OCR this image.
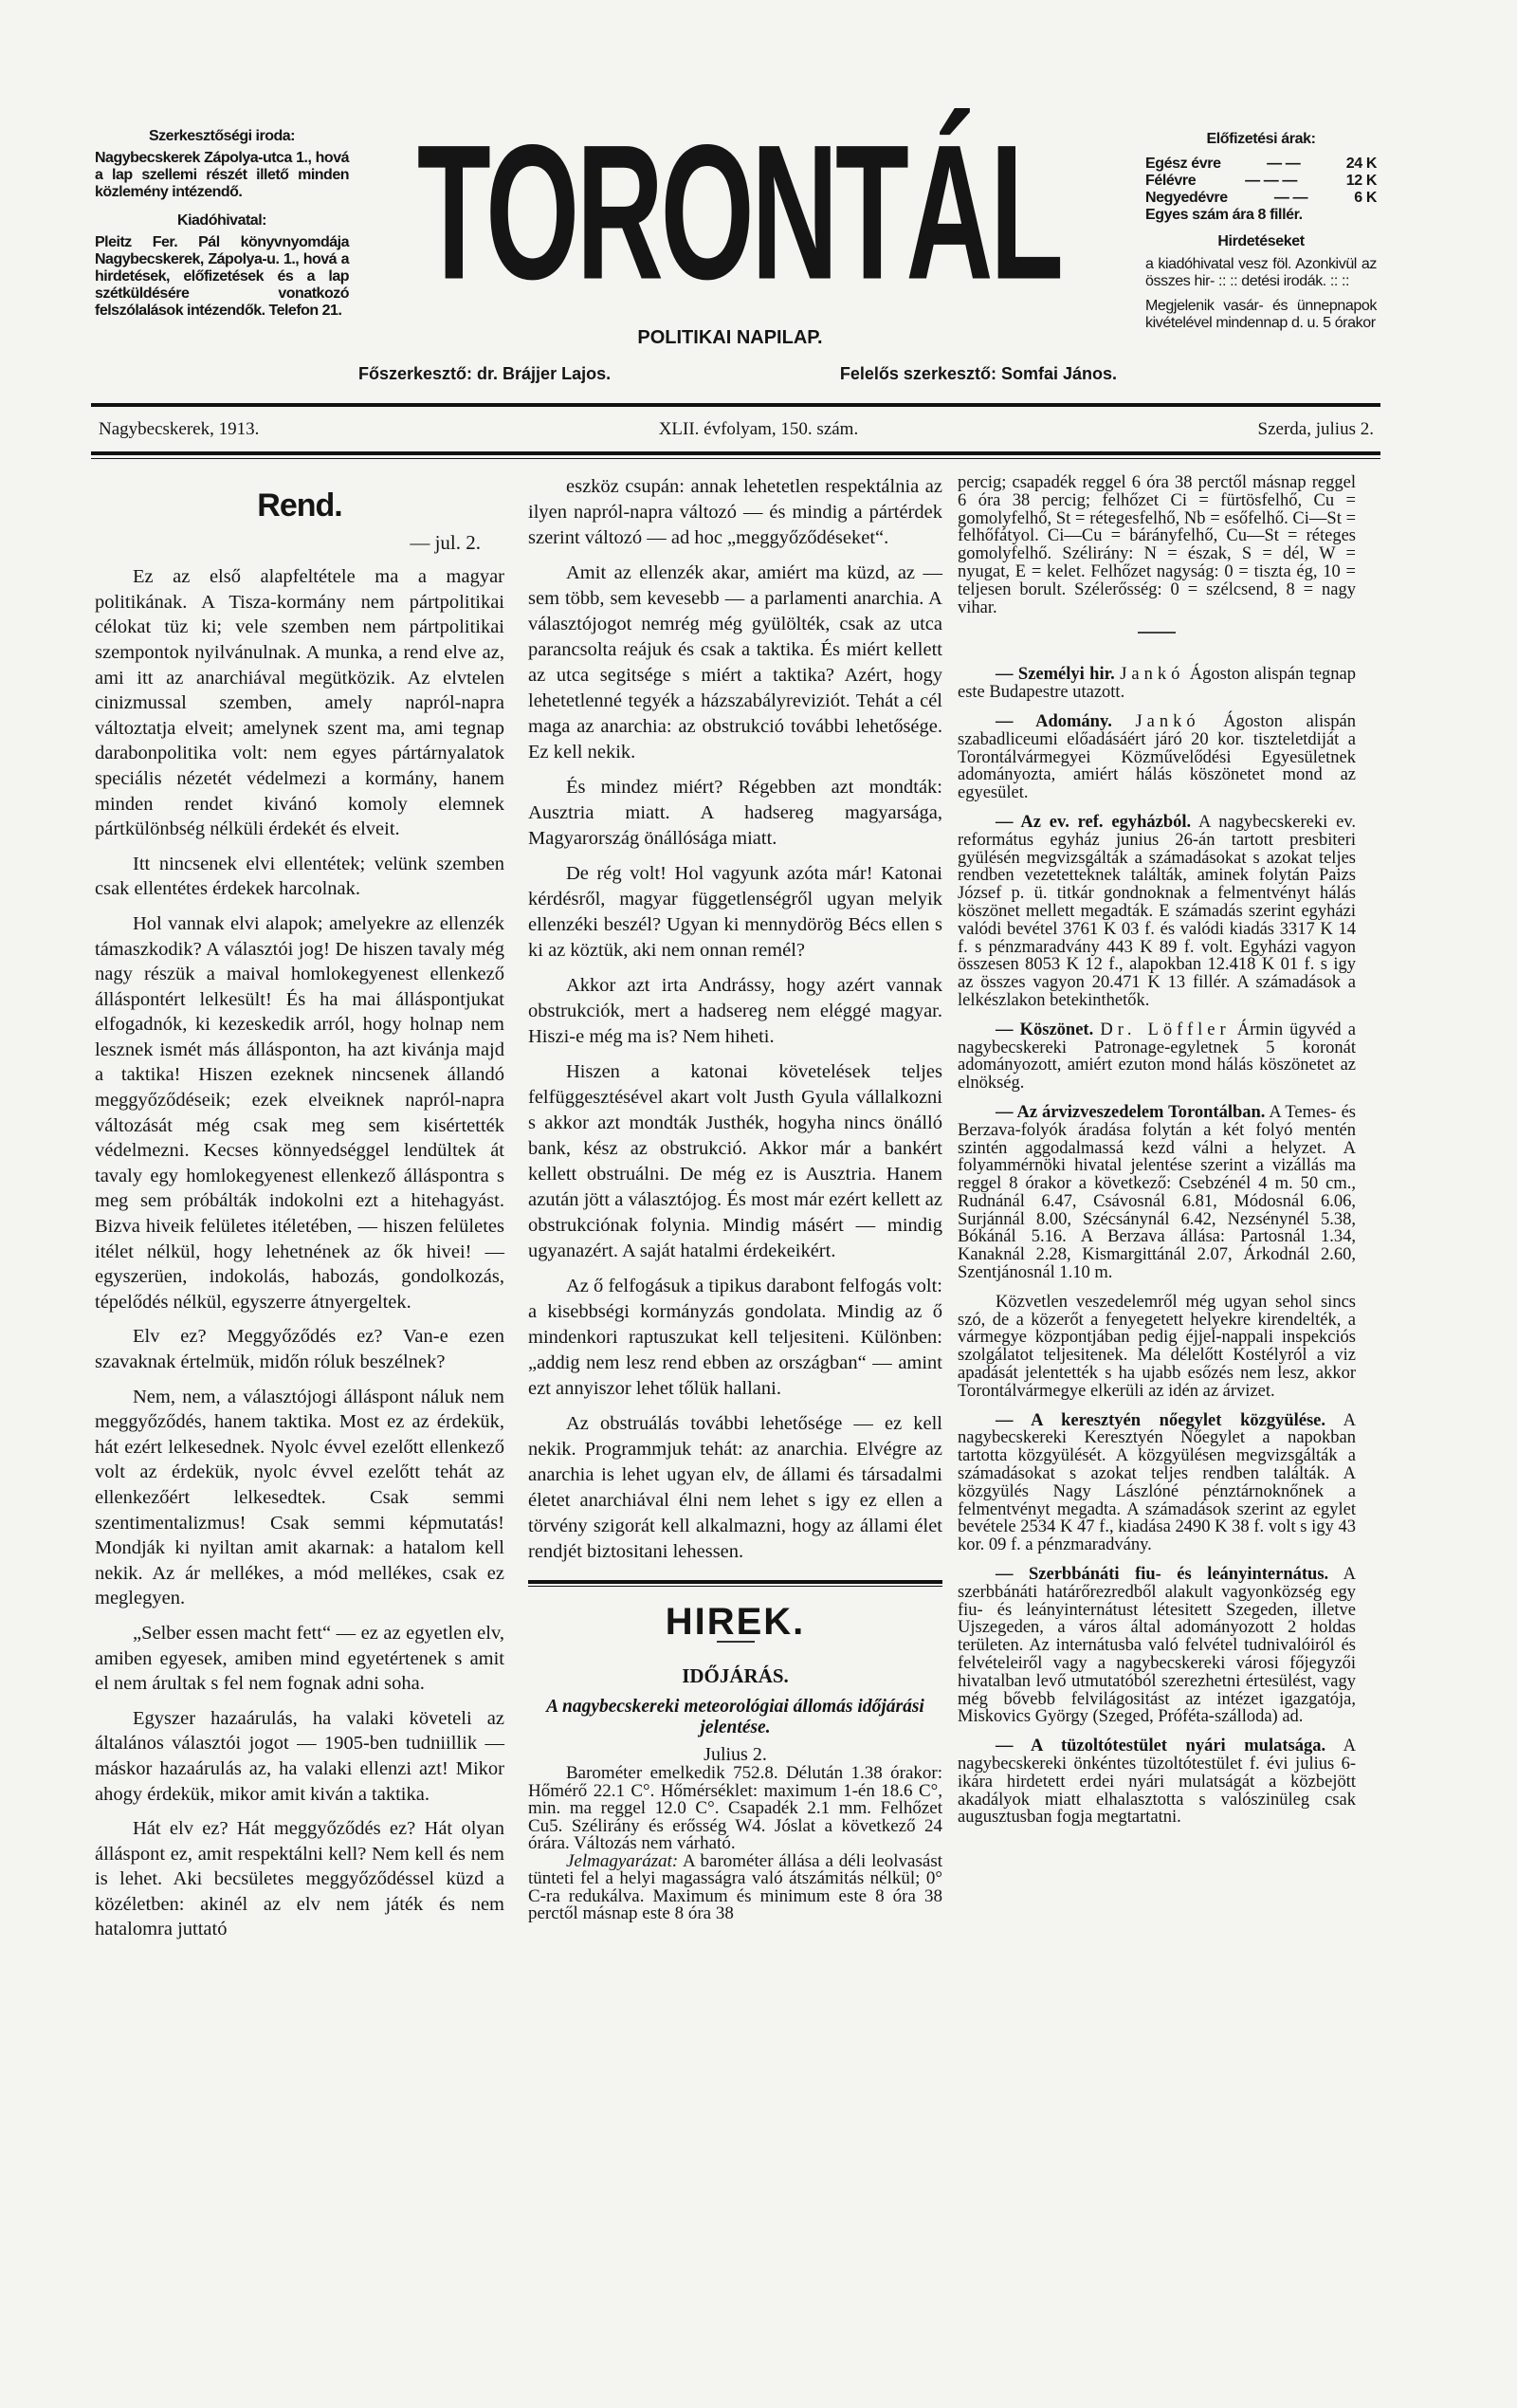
Szerkesztőségi iroda:

Nagybecskerek Zápolya-utca 1., hová a lap szellemi részét illető minden közlemény intézendő.

Kiadóhivatal:

Pleitz Fer. Pál könyvnyomdája Nagybecskerek, Zápolya-u. 1., hová a hirdetések, előfizetések és a lap szétküldésére vonatkozó felszólalások intézendők. Telefon 21. TORONTÁL
POLITIKAI NAPILAP.
Főszerkesztő: dr. Brájjer Lajos.	Felelős szerkesztő: Somfai János.
Előfizetési árak:
Egész évre	— —	24 K
Félévre	— — —	12 K
Negyedévre	— —	6 K
Egyes szám ára 8 fillér.
Hirdetéseket
a kiadóhivatal vesz föl. Azonkivül az összes hir- :: :: detési irodák. :: ::
Megjelenik vasár- és ünnepnapok kivételével mindennap d. u. 5 órakor
Nagybecskerek, 1913.	XLII. évfolyam, 150. szám.	Szerda, julius 2.
Rend.
— jul. 2.

Ez az első alapfeltétele ma a magyar politikának. A Tisza-kormány nem pártpolitikai célokat tüz ki; vele szemben nem pártpolitikai szempontok nyilvánulnak. A munka, a rend elve az, ami itt az anarchiával megütközik. Az elvtelen cinizmussal szemben, amely napról-napra változtatja elveit; amelynek szent ma, ami tegnap darabonpolitika volt: nem egyes pártárnyalatok speciális nézetét védelmezi a kormány, hanem minden rendet kivánó komoly elemnek pártkülönbség nélküli érdekét és elveit.

Itt nincsenek elvi ellentétek; velünk szemben csak ellentétes érdekek harcolnak.

Hol vannak elvi alapok; amelyekre az ellenzék támaszkodik? A választói jog! De hiszen tavaly még nagy részük a maival homlokegyenest ellenkező álláspontért lelkesült! És ha mai álláspontjukat elfogadnók, ki kezeskedik arról, hogy holnap nem lesznek ismét más állásponton, ha azt kivánja majd a taktika! Hiszen ezeknek nincsenek állandó meggyőződéseik; ezek elveiknek napról-napra változását még csak meg sem kisértették védelmezni. Kecses könnyedséggel lendültek át tavaly egy homlokegyenest ellenkező álláspontra s meg sem próbálták indokolni ezt a hitehagyást. Bizva hiveik felületes itéletében, — hiszen felületes itélet nélkül, hogy lehetnének az ők hivei! — egyszerüen, indokolás, habozás, gondolkozás, tépelődés nélkül, egyszerre átnyergeltek.

Elv ez? Meggyőződés ez? Van-e ezen szavaknak értelmük, midőn róluk beszélnek?

Nem, nem, a választójogi álláspont náluk nem meggyőződés, hanem taktika. Most ez az érdekük, hát ezért lelkesednek. Nyolc évvel ezelőtt ellenkező volt az érdekük, nyolc évvel ezelőtt tehát az ellenkezőért lelkesedtek. Csak semmi szentimentalizmus! Csak semmi képmutatás! Mondják ki nyiltan amit akarnak: a hatalom kell nekik. Az ár mellékes, a mód mellékes, csak ez meglegyen.

„Selber essen macht fett“ — ez az egyetlen elv, amiben egyesek, amiben mind egyetértenek s amit el nem árultak s fel nem fognak adni soha.

Egyszer hazaárulás, ha valaki követeli az általános választói jogot — 1905-ben tudniillik — máskor hazaárulás az, ha valaki ellenzi azt! Mikor ahogy érdekük, mikor amit kiván a taktika.

Hát elv ez? Hát meggyőződés ez? Hát olyan álláspont ez, amit respektálni kell? Nem kell és nem is lehet. Aki becsületes meggyőződéssel küzd a közéletben: akinél az elv nem játék és nem hatalomra juttató

eszköz csupán: annak lehetetlen respektálnia az ilyen napról-napra változó — és mindig a pártérdek szerint változó — ad hoc „meggyőződéseket“.

Amit az ellenzék akar, amiért ma küzd, az — sem több, sem kevesebb — a parlamenti anarchia. A választójogot nemrég még gyülölték, csak az utca parancsolta reájuk és csak a taktika. És miért kellett az utca segitsége s miért a taktika? Azért, hogy lehetetlenné tegyék a házszabályreviziót. Tehát a cél maga az anarchia: az obstrukció további lehetősége. Ez kell nekik.

És mindez miért? Régebben azt mondták: Ausztria miatt. A hadsereg magyarsága, Magyarország önállósága miatt.

De rég volt! Hol vagyunk azóta már! Katonai kérdésről, magyar függetlenségről ugyan melyik ellenzéki beszél? Ugyan ki mennydörög Bécs ellen s ki az köztük, aki nem onnan remél?

Akkor azt irta Andrássy, hogy azért vannak obstrukciók, mert a hadsereg nem eléggé magyar. Hiszi-e még ma is? Nem hiheti.

Hiszen a katonai követelések teljes felfüggesztésével akart volt Justh Gyula vállalkozni s akkor azt mondták Justhék, hogyha nincs önálló bank, kész az obstrukció. Akkor már a bankért kellett obstruálni. De még ez is Ausztria. Hanem azután jött a választójog. És most már ezért kellett az obstrukciónak folynia. Mindig másért — mindig ugyanazért. A saját hatalmi érdekeikért.

Az ő felfogásuk a tipikus darabont felfogás volt: a kisebbségi kormányzás gondolata. Mindig az ő mindenkori raptuszukat kell teljesiteni. Különben: „addig nem lesz rend ebben az országban“ — amint ezt annyiszor lehet tőlük hallani.

Az obstruálás további lehetősége — ez kell nekik. Programmjuk tehát: az anarchia. Elvégre az anarchia is lehet ugyan elv, de állami és társadalmi életet anarchiával élni nem lehet s igy ez ellen a törvény szigorát kell alkalmazni, hogy az állami élet rendjét biztositani lehessen.

HIREK.
IDŐJÁRÁS.
A nagybecskereki meteorológiai állomás időjárási jelentése.
Julius 2.

Barométer emelkedik 752.8. Délután 1.38 órakor: Hőmérő 22.1 C°. Hőmérséklet: maximum 1-én 18.6 C°, min. ma reggel 12.0 C°. Csapadék 2.1 mm. Felhőzet Cu5. Szélirány és erősség W4. Jóslat a következő 24 órára. Változás nem várható.

Jelmagyarázat: A barométer állása a déli leolvasást tünteti fel a helyi magasságra való átszámitás nélkül; 0° C-ra redukálva. Maximum és minimum este 8 óra 38 perctől másnap este 8 óra 38

percig; csapadék reggel 6 óra 38 perctől másnap reggel 6 óra 38 percig; felhőzet Ci = fürtösfelhő, Cu = gomolyfelhő, St = rétegesfelhő, Nb = esőfelhő. Ci—St = felhőfátyol. Ci—Cu = bárányfelhő, Cu—St = réteges gomolyfelhő. Szélirány: N = észak, S = dél, W = nyugat, E = kelet. Felhőzet nagyság: 0 = tiszta ég, 10 = teljesen borult. Szélerősség: 0 = szélcsend, 8 = nagy vihar.

— Személyi hir. Jankó Ágoston alispán tegnap este Budapestre utazott.

— Adomány. Jankó Ágoston alispán szabadliceumi előadásáért járó 20 kor. tiszteletdiját a Torontálvármegyei Közművelődési Egyesületnek adományozta, amiért hálás köszönetet mond az egyesület.

— Az ev. ref. egyházból. A nagybecskereki ev. református egyház junius 26-án tartott presbiteri gyülésén megvizsgálták a számadásokat s azokat teljes rendben vezetetteknek találták, aminek folytán Paizs József p. ü. titkár gondnoknak a felmentvényt hálás köszönet mellett megadták. E számadás szerint egyházi valódi bevétel 3761 K 03 f. és valódi kiadás 3317 K 14 f. s pénzmaradvány 443 K 89 f. volt. Egyházi vagyon összesen 8053 K 12 f., alapokban 12.418 K 01 f. s igy az összes vagyon 20.471 K 13 fillér. A számadások a lelkészlakon betekinthetők.

— Köszönet. Dr. Löffler Ármin ügyvéd a nagybecskereki Patronage-egyletnek 5 koronát adományozott, amiért ezuton mond hálás köszönetet az elnökség.

— Az árvizveszedelem Torontálban. A Temes- és Berzava-folyók áradása folytán a két folyó mentén szintén aggodalmassá kezd válni a helyzet. A folyammérnöki hivatal jelentése szerint a vizállás ma reggel 8 órakor a következő: Csebzénél 4 m. 50 cm., Rudnánál 6.47, Csávosnál 6.81, Módosnál 6.06, Surjánnál 8.00, Szécsánynál 6.42, Nezsénynél 5.38, Bókánál 5.16. A Berzava állása: Partosnál 1.34, Kanaknál 2.28, Kismargittánál 2.07, Árkodnál 2.60, Szentjánosnál 1.10 m.

Közvetlen veszedelemről még ugyan sehol sincs szó, de a közerőt a fenyegetett helyekre kirendelték, a vármegye központjában pedig éjjel-nappali inspekciós szolgálatot teljesitenek. Ma délelőtt Kostélyról a viz apadását jelentették s ha ujabb esőzés nem lesz, akkor Torontálvármegye elkerüli az idén az árvizet.

— A keresztyén nőegylet közgyülése. A nagybecskereki Keresztyén Nőegylet a napokban tartotta közgyülését. A közgyülésen megvizsgálták a számadásokat s azokat teljes rendben találták. A közgyülés Nagy Lászlóné pénztárnoknőnek a felmentvényt megadta. A számadások szerint az egylet bevétele 2534 K 47 f., kiadása 2490 K 38 f. volt s igy 43 kor. 09 f. a pénzmaradvány.

— Szerbbánáti fiu- és leányinternátus. A szerbbánáti határőrezredből alakult vagyonközség egy fiu- és leányinternátust létesitett Szegeden, illetve Ujszegeden, a város által adományozott 2 holdas területen. Az internátusba való felvétel tudnivalóiról és felvételeiről vagy a nagybecskereki városi főjegyzői hivatalban levő utmutatóból szerezhetni értesülést, vagy még bővebb felvilágositást az intézet igazgatója, Miskovics György (Szeged, Próféta-szálloda) ad.

— A tüzoltótestület nyári mulatsága. A nagybecskereki önkéntes tüzoltótestület f. évi julius 6-ikára hirdetett erdei nyári mulatságát a közbejött akadályok miatt elhalasztotta s valószinüleg csak augusztusban fogja megtartatni.
